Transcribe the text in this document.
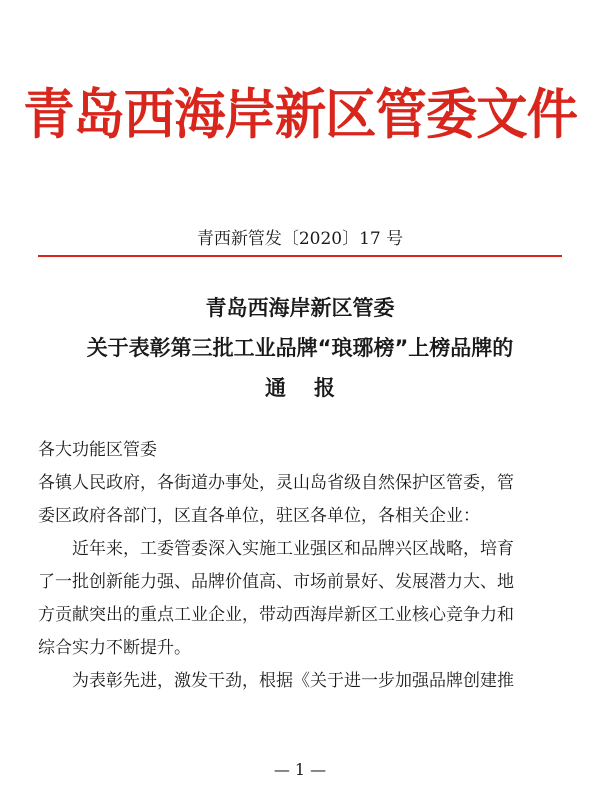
青岛西海岸新区管委文件
青西新管发〔2020〕17 号
青岛西海岸新区管委
关于表彰第三批工业品牌“琅琊榜”上榜品牌的
通报
各大功能区管委
各镇人民政府，各街道办事处，灵山岛省级自然保护区管委，管
委区政府各部门，区直各单位，驻区各单位，各相关企业：
近年来，工委管委深入实施工业强区和品牌兴区战略，培育
了一批创新能力强、品牌价值高、市场前景好、发展潜力大、地
方贡献突出的重点工业企业，带动西海岸新区工业核心竞争力和
综合实力不断提升。
为表彰先进，激发干劲，根据《关于进一步加强品牌创建推
— 1 —
